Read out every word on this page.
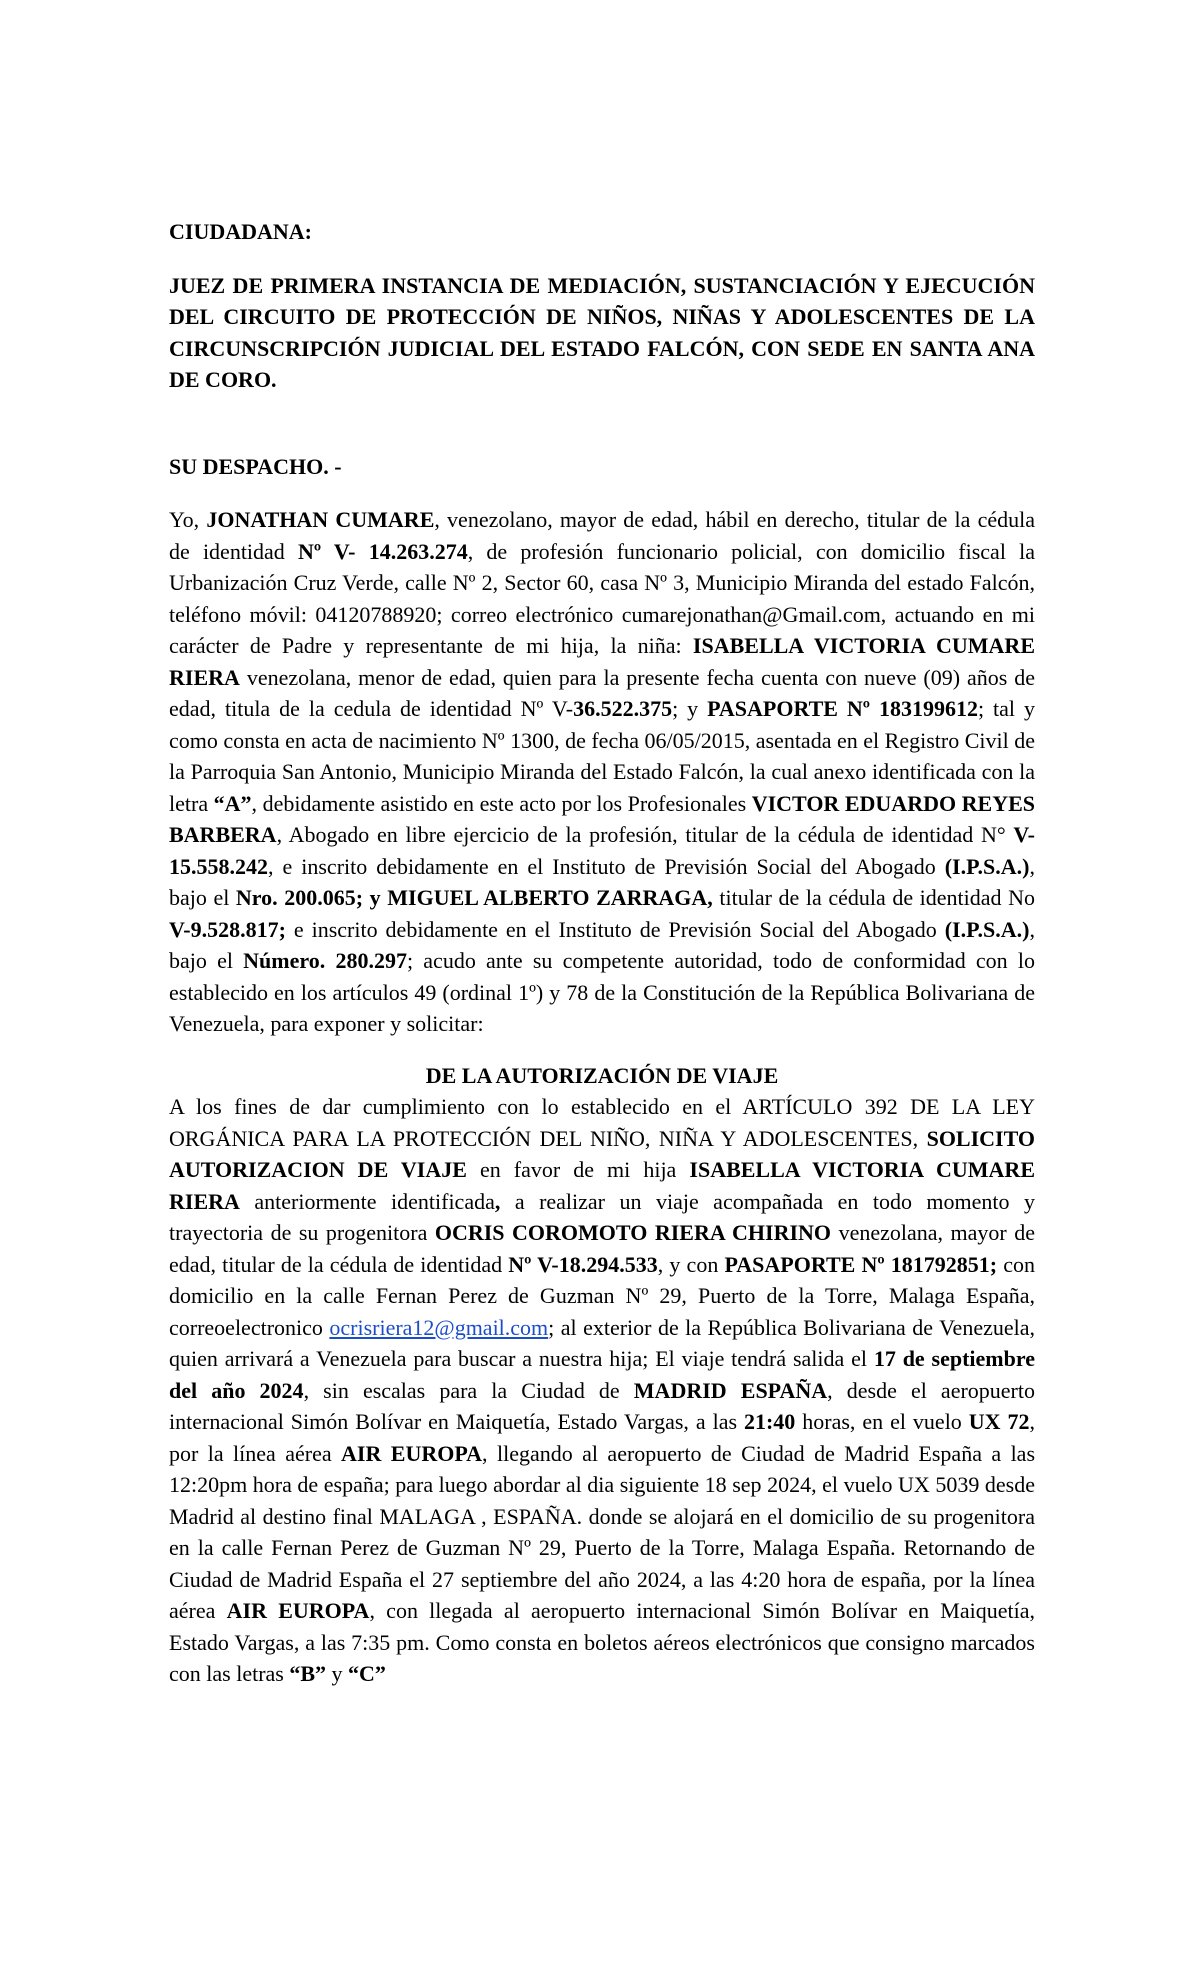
CIUDADANA:

JUEZ DE PRIMERA INSTANCIA DE MEDIACIÓN, SUSTANCIACIÓN Y EJECUCIÓN DEL CIRCUITO DE PROTECCIÓN DE NIÑOS, NIÑAS Y ADOLESCENTES DE LA CIRCUNSCRIPCIÓN JUDICIAL DEL ESTADO FALCÓN, CON SEDE EN SANTA ANA DE CORO.

SU DESPACHO. -

Yo, JONATHAN CUMARE, venezolano, mayor de edad, hábil en derecho, titular de la cédula de identidad Nº V- 14.263.274, de profesión funcionario policial, con domicilio fiscal la Urbanización Cruz Verde, calle Nº 2, Sector 60, casa Nº 3, Municipio Miranda del estado Falcón, teléfono móvil: 04120788920; correo electrónico cumarejonathan@Gmail.com, actuando en mi carácter de Padre y representante de mi hija, la niña: ISABELLA VICTORIA CUMARE RIERA venezolana, menor de edad, quien para la presente fecha cuenta con nueve (09) años de edad, titula de la cedula de identidad Nº V-36.522.375; y PASAPORTE Nº 183199612; tal y como consta en acta de nacimiento Nº 1300, de fecha 06/05/2015, asentada en el Registro Civil de la Parroquia San Antonio, Municipio Miranda del Estado Falcón, la cual anexo identificada con la letra “A”, debidamente asistido en este acto por los Profesionales VICTOR EDUARDO REYES BARBERA, Abogado en libre ejercicio de la profesión, titular de la cédula de identidad N° V-15.558.242, e inscrito debidamente en el Instituto de Previsión Social del Abogado (I.P.S.A.), bajo el Nro. 200.065; y MIGUEL ALBERTO ZARRAGA, titular de la cédula de identidad No V-9.528.817; e inscrito debidamente en el Instituto de Previsión Social del Abogado (I.P.S.A.), bajo el Número. 280.297; acudo ante su competente autoridad, todo de conformidad con lo establecido en los artículos 49 (ordinal 1º) y 78 de la Constitución de la República Bolivariana de Venezuela, para exponer y solicitar:

DE LA AUTORIZACIÓN DE VIAJE

A los fines de dar cumplimiento con lo establecido en el ARTÍCULO 392 DE LA LEY ORGÁNICA PARA LA PROTECCIÓN DEL NIÑO, NIÑA Y ADOLESCENTES, SOLICITO AUTORIZACION DE VIAJE en favor de mi hija ISABELLA VICTORIA CUMARE RIERA anteriormente identificada, a realizar un viaje acompañada en todo momento y trayectoria de su progenitora OCRIS COROMOTO RIERA CHIRINO venezolana, mayor de edad, titular de la cédula de identidad Nº V-18.294.533, y con PASAPORTE Nº 181792851; con domicilio en la calle Fernan Perez de Guzman Nº 29, Puerto de la Torre, Malaga España, correoelectronico ocrisriera12@gmail.com; al exterior de la República Bolivariana de Venezuela, quien arrivará a Venezuela para buscar a nuestra hija; El viaje tendrá salida el 17 de septiembre del año 2024, sin escalas para la Ciudad de MADRID ESPAÑA, desde el aeropuerto internacional Simón Bolívar en Maiquetía, Estado Vargas, a las 21:40 horas, en el vuelo UX 72, por la línea aérea AIR EUROPA, llegando al aeropuerto de Ciudad de Madrid España a las 12:20pm hora de españa; para luego abordar al dia siguiente 18 sep 2024, el vuelo UX 5039 desde Madrid al destino final MALAGA , ESPAÑA. donde se alojará en el domicilio de su progenitora en la calle Fernan Perez de Guzman Nº 29, Puerto de la Torre, Malaga España. Retornando de Ciudad de Madrid España el 27 septiembre del año 2024, a las 4:20 hora de españa, por la línea aérea AIR EUROPA, con llegada al aeropuerto internacional Simón Bolívar en Maiquetía, Estado Vargas, a las 7:35 pm. Como consta en boletos aéreos electrónicos que consigno marcados con las letras “B” y “C”
